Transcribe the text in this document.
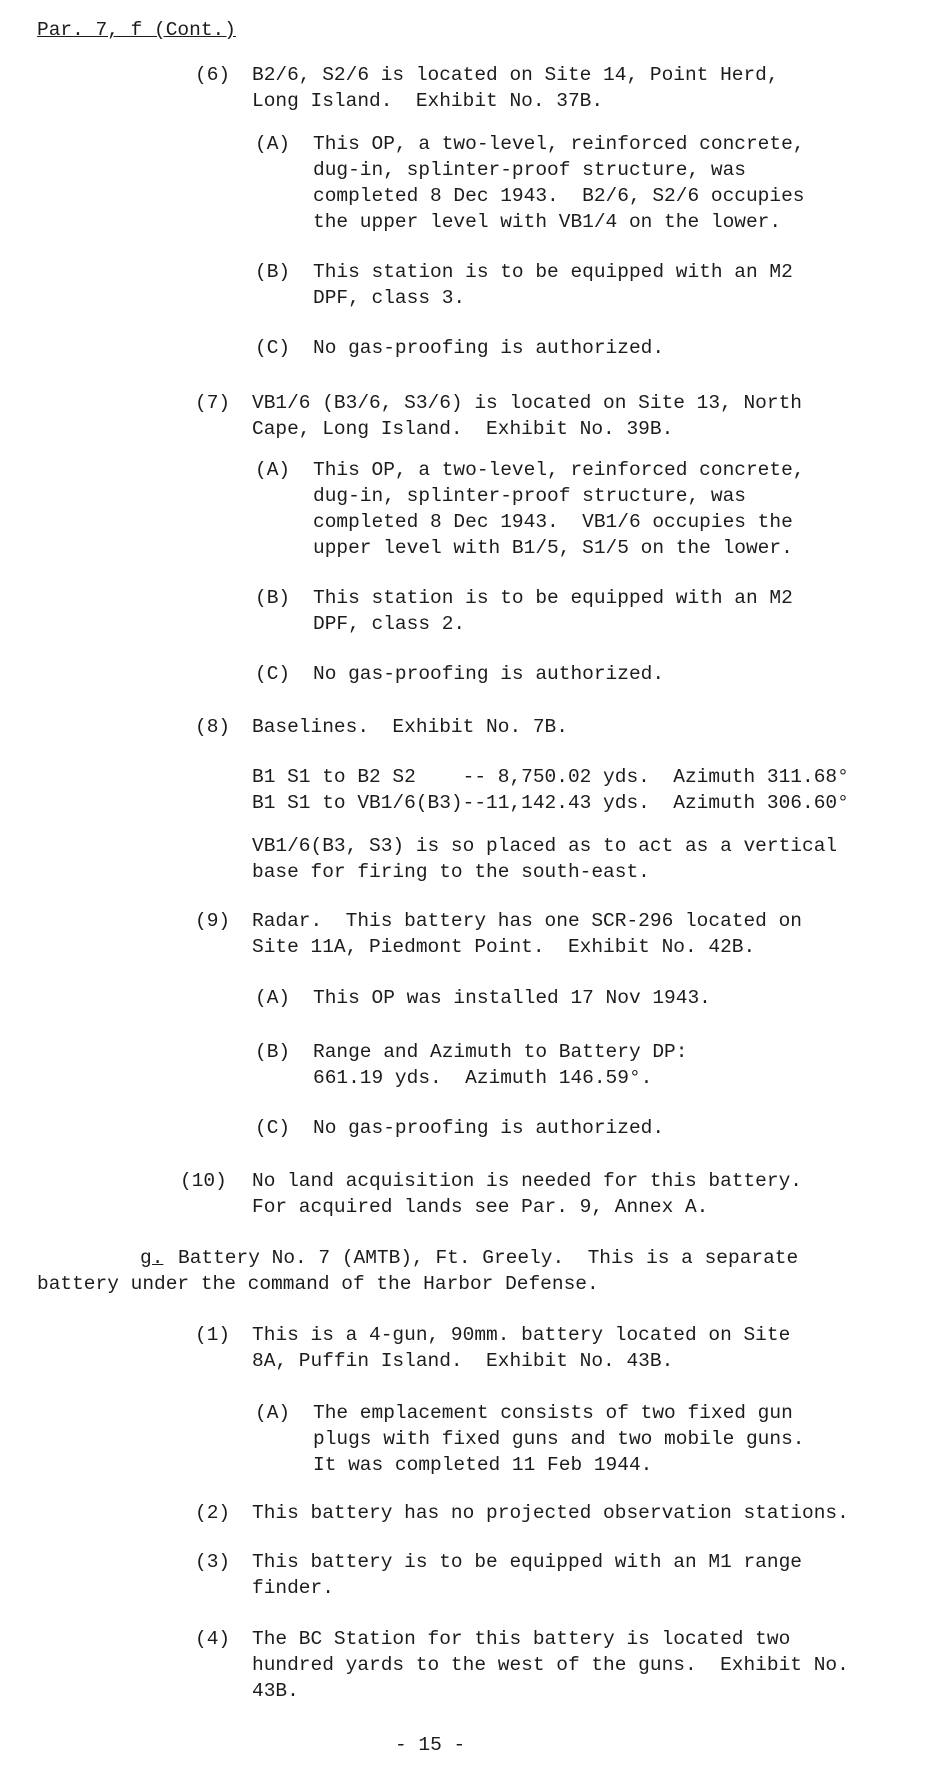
Par. 7, f (Cont.)
(6) B2/6, S2/6 is located on Site 14, Point Herd,
Long Island.  Exhibit No. 37B.
(A) This OP, a two-level, reinforced concrete,
dug-in, splinter-proof structure, was
completed 8 Dec 1943.  B2/6, S2/6 occupies
the upper level with VB1/4 on the lower.
(B) This station is to be equipped with an M2
DPF, class 3.
(C) No gas-proofing is authorized.
(7) VB1/6 (B3/6, S3/6) is located on Site 13, North
Cape, Long Island.  Exhibit No. 39B.
(A) This OP, a two-level, reinforced concrete,
dug-in, splinter-proof structure, was
completed 8 Dec 1943.  VB1/6 occupies the
upper level with B1/5, S1/5 on the lower.
(B) This station is to be equipped with an M2
DPF, class 2.
(C) No gas-proofing is authorized.
(8) Baselines.  Exhibit No. 7B.
B1 S1 to B2 S2    -- 8,750.02 yds.  Azimuth 311.68°
B1 S1 to VB1/6(B3)--11,142.43 yds.  Azimuth 306.60°
VB1/6(B3, S3) is so placed as to act as a vertical
base for firing to the south-east.
(9) Radar.  This battery has one SCR-296 located on
Site 11A, Piedmont Point.  Exhibit No. 42B.
(A) This OP was installed 17 Nov 1943.
(B) Range and Azimuth to Battery DP:
661.19 yds.  Azimuth 146.59°.
(C) No gas-proofing is authorized.
(10) No land acquisition is needed for this battery.
For acquired lands see Par. 9, Annex A.
g. Battery No. 7 (AMTB), Ft. Greely.  This is a separate
battery under the command of the Harbor Defense.
(1) This is a 4-gun, 90mm. battery located on Site
8A, Puffin Island.  Exhibit No. 43B.
(A) The emplacement consists of two fixed gun
plugs with fixed guns and two mobile guns.
It was completed 11 Feb 1944.
(2) This battery has no projected observation stations.
(3) This battery is to be equipped with an M1 range
finder.
(4) The BC Station for this battery is located two
hundred yards to the west of the guns.  Exhibit No.
43B.
- 15 -
